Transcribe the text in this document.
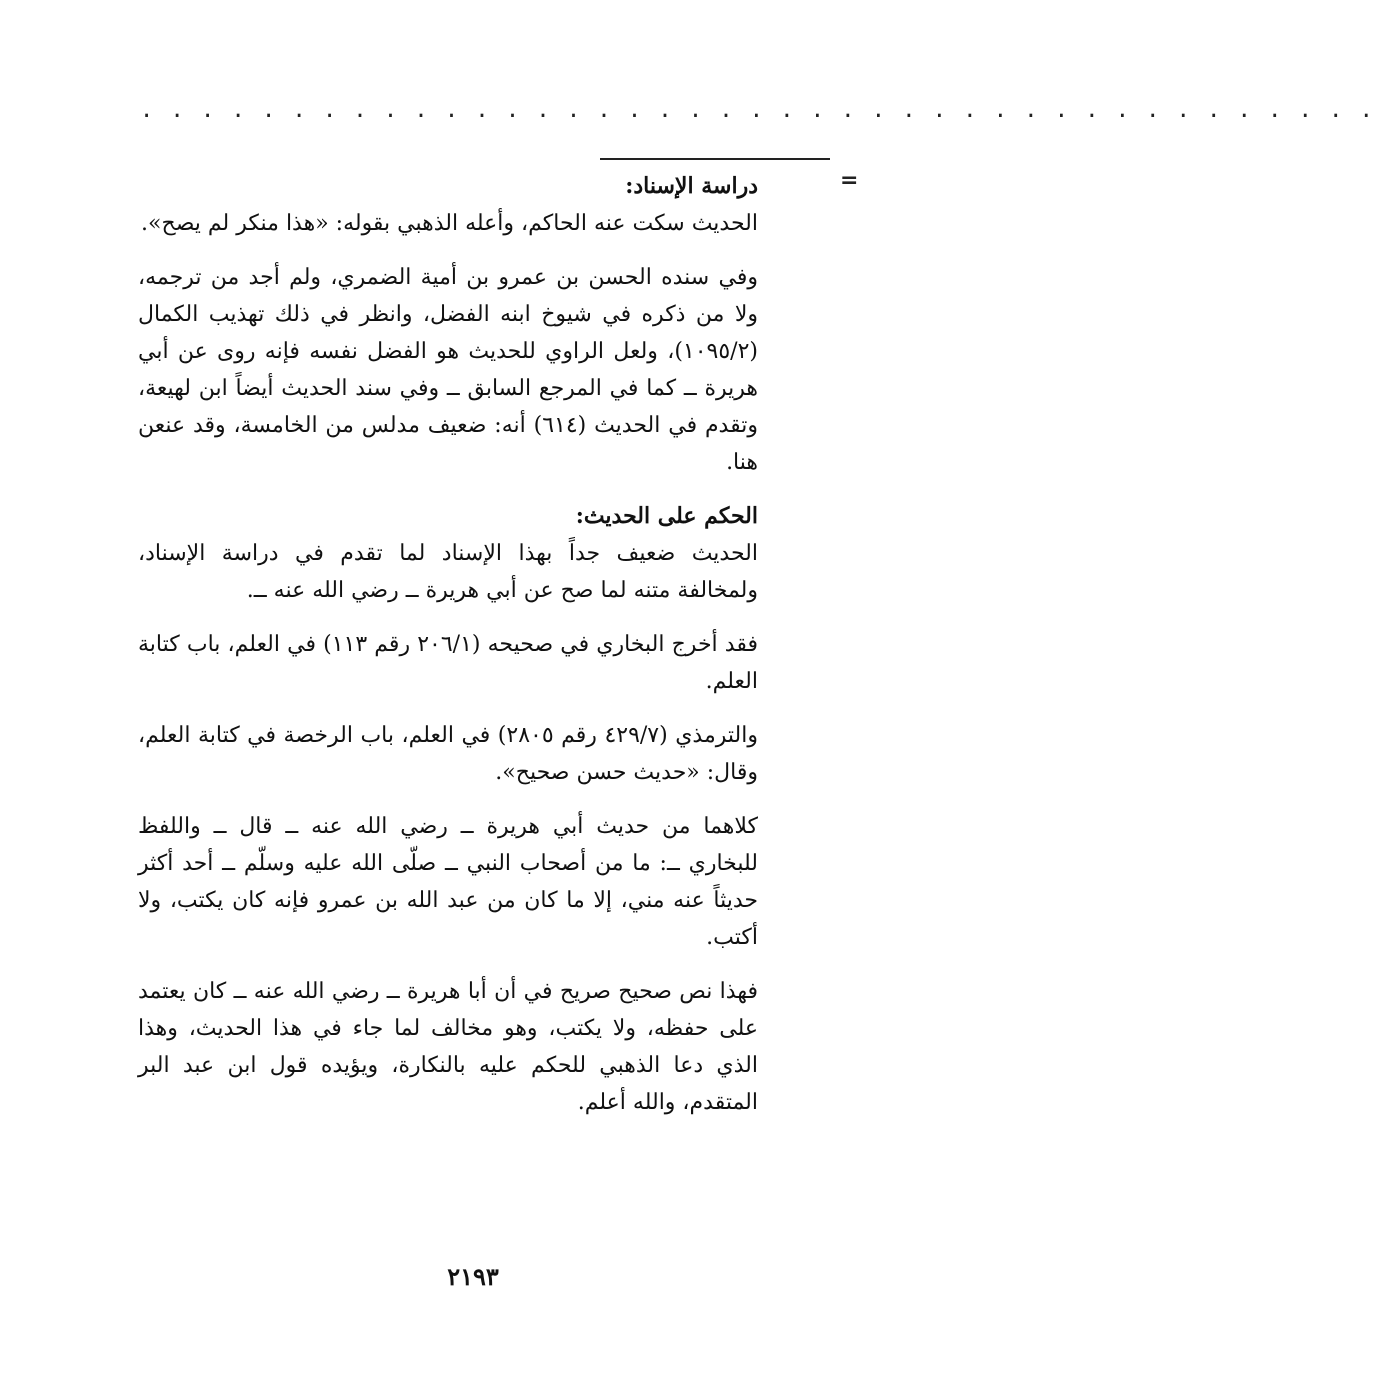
· · · · · · · · · · · · · · · · · · · · · · · · · · · · · · · · · · · · · · · · ·
=
دراسة الإسناد:

الحديث سكت عنه الحاكم، وأعله الذهبي بقوله: «هذا منكر لم يصح».

وفي سنده الحسن بن عمرو بن أمية الضمري، ولم أجد من ترجمه، ولا من ذكره في شيوخ ابنه الفضل، وانظر في ذلك تهذيب الكمال (١٠٩٥/٢)، ولعل الراوي للحديث هو الفضل نفسه فإنه روى عن أبي هريرة ــ كما في المرجع السابق ــ وفي سند الحديث أيضاً ابن لهيعة، وتقدم في الحديث (٦١٤) أنه: ضعيف مدلس من الخامسة، وقد عنعن هنا.

الحكم على الحديث:

الحديث ضعيف جداً بهذا الإسناد لما تقدم في دراسة الإسناد، ولمخالفة متنه لما صح عن أبي هريرة ــ رضي الله عنه ــ.

فقد أخرج البخاري في صحيحه (٢٠٦/١ رقم ١١٣) في العلم، باب كتابة العلم.

والترمذي (٤٢٩/٧ رقم ٢٨٠٥) في العلم، باب الرخصة في كتابة العلم، وقال: «حديث حسن صحيح».

كلاهما من حديث أبي هريرة ــ رضي الله عنه ــ قال ــ واللفظ للبخاري ــ: ما من أصحاب النبي ــ صلّى الله عليه وسلّم ــ أحد أكثر حديثاً عنه مني، إلا ما كان من عبد الله بن عمرو فإنه كان يكتب، ولا أكتب.

فهذا نص صحيح صريح في أن أبا هريرة ــ رضي الله عنه ــ كان يعتمد على حفظه، ولا يكتب، وهو مخالف لما جاء في هذا الحديث، وهذا الذي دعا الذهبي للحكم عليه بالنكارة، ويؤيده قول ابن عبد البر المتقدم، والله أعلم.

٢١٩٣
